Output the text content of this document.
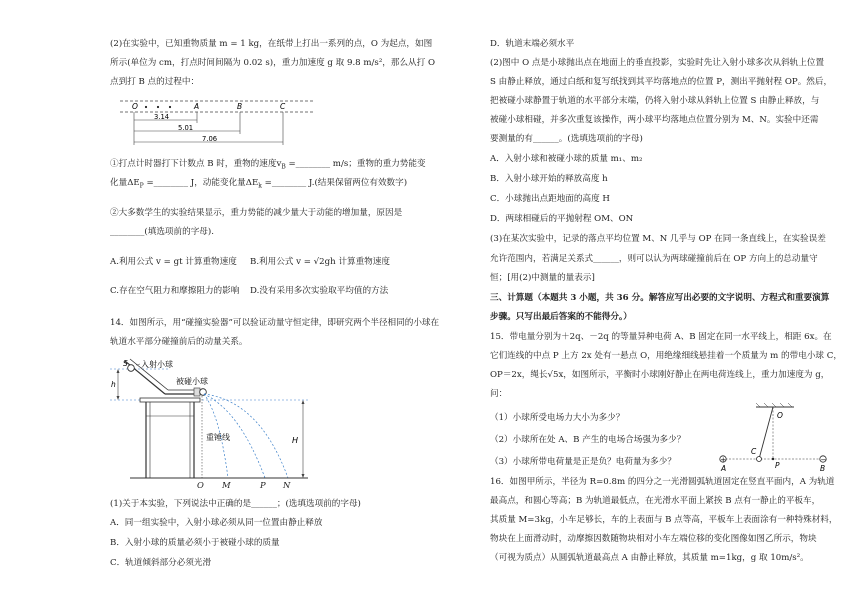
(2)在实验中，已知重物质量 m = 1 kg，在纸带上打出一系列的点，O 为起点，如图

所示(单位为 cm，打点时间间隔为 0.02 s)，重力加速度 g 取 9.8 m/s²，那么从打 O

点到打 B 点的过程中：

O	A	B	C
3.14
5.01
7.06

①打点计时器打下计数点 B 时，重物的速度$v_B$ =________ m/s；重物的重力势能变

化量$\Delta E_P$ =________ J，动能变化量$\Delta E_k$ =________ J.(结果保留两位有效数字)

②大多数学生的实验结果显示，重力势能的减少量大于动能的增加量，原因是

________(填选项前的字母).

A.利用公式 v = gt 计算重物速度 B.利用公式 v = √2gh 计算重物速度

C.存在空气阻力和摩擦阻力的影响 D.没有采用多次实验取平均值的方法

14．如图所示，用“碰撞实验器”可以验证动量守恒定律，即研究两个半径相同的小球在

轨道水平部分碰撞前后的动量关系。

h
S 入射小球
被碰小球
重锤线	H

O M	P N

(1)关于本实验，下列说法中正确的是______；(选填选项前的字母)

A．同一组实验中，入射小球必须从同一位置由静止释放

B．入射小球的质量必须小于被碰小球的质量

C．轨道倾斜部分必须光滑

D．轨道末端必须水平

(2)图中 O 点是小球抛出点在地面上的垂直投影，实验时先让入射小球多次从斜轨上位置

S 由静止释放，通过白纸和复写纸找到其平均落地点的位置 P，测出平抛射程 OP。然后，

把被碰小球静置于轨道的水平部分末端，仍将入射小球从斜轨上位置 S 由静止释放，与

被碰小球相碰，并多次重复该操作，两小球平均落地点位置分别为 M、N。实验中还需

要测量的有______。(选填选项前的字母)

A．入射小球和被碰小球的质量 m₁、m₂

B．入射小球开始的释放高度 h

C．小球抛出点距地面的高度 H

D．两球相碰后的平抛射程 OM、ON

(3)在某次实验中，记录的落点平均位置 M、N 几乎与 OP 在同一条直线上，在实验误差

允许范围内，若满足关系式______，则可以认为两球碰撞前后在 OP 方向上的总动量守

恒；[用(2)中测量的量表示]

三、计算题（本题共 3 小题，共 36 分。解答应写出必要的文字说明、方程式和重要演算

步骤。只写出最后答案的不能得分。）

15．带电量分别为＋2q、－2q 的等量异种电荷 A、B 固定在同一水平线上，相距 6x。在

它们连线的中点 P 上方 2x 处有一悬点 O，用绝缘细线悬挂着一个质量为 m 的带电小球 C，

OP＝2x，绳长√5x，如图所示，平衡时小球刚好静止在两电荷连线上，重力加速度为 g，

问：

（1）小球所受电场力大小为多少？

（2）小球所在处 A、B 产生的电场合场强为多少？

（3）小球所带电荷量是正是负？电荷量为多少？

O
C
P
+
A
−
B

16．如图甲所示，半径为 R=0.8m 的四分之一光滑圆弧轨道固定在竖直平面内，A 为轨道

最高点，和圆心等高；B 为轨道最低点，在光滑水平面上紧挨 B 点有一静止的平板车，

其质量 M=3kg，小车足够长，车的上表面与 B 点等高，平板车上表面涂有一种特殊材料，

物块在上面滑动时，动摩擦因数随物块相对小车左端位移的变化图像如图乙所示，物块

（可视为质点）从圆弧轨道最高点 A 由静止释放，其质量 m=1kg，g 取 10m/s²。
